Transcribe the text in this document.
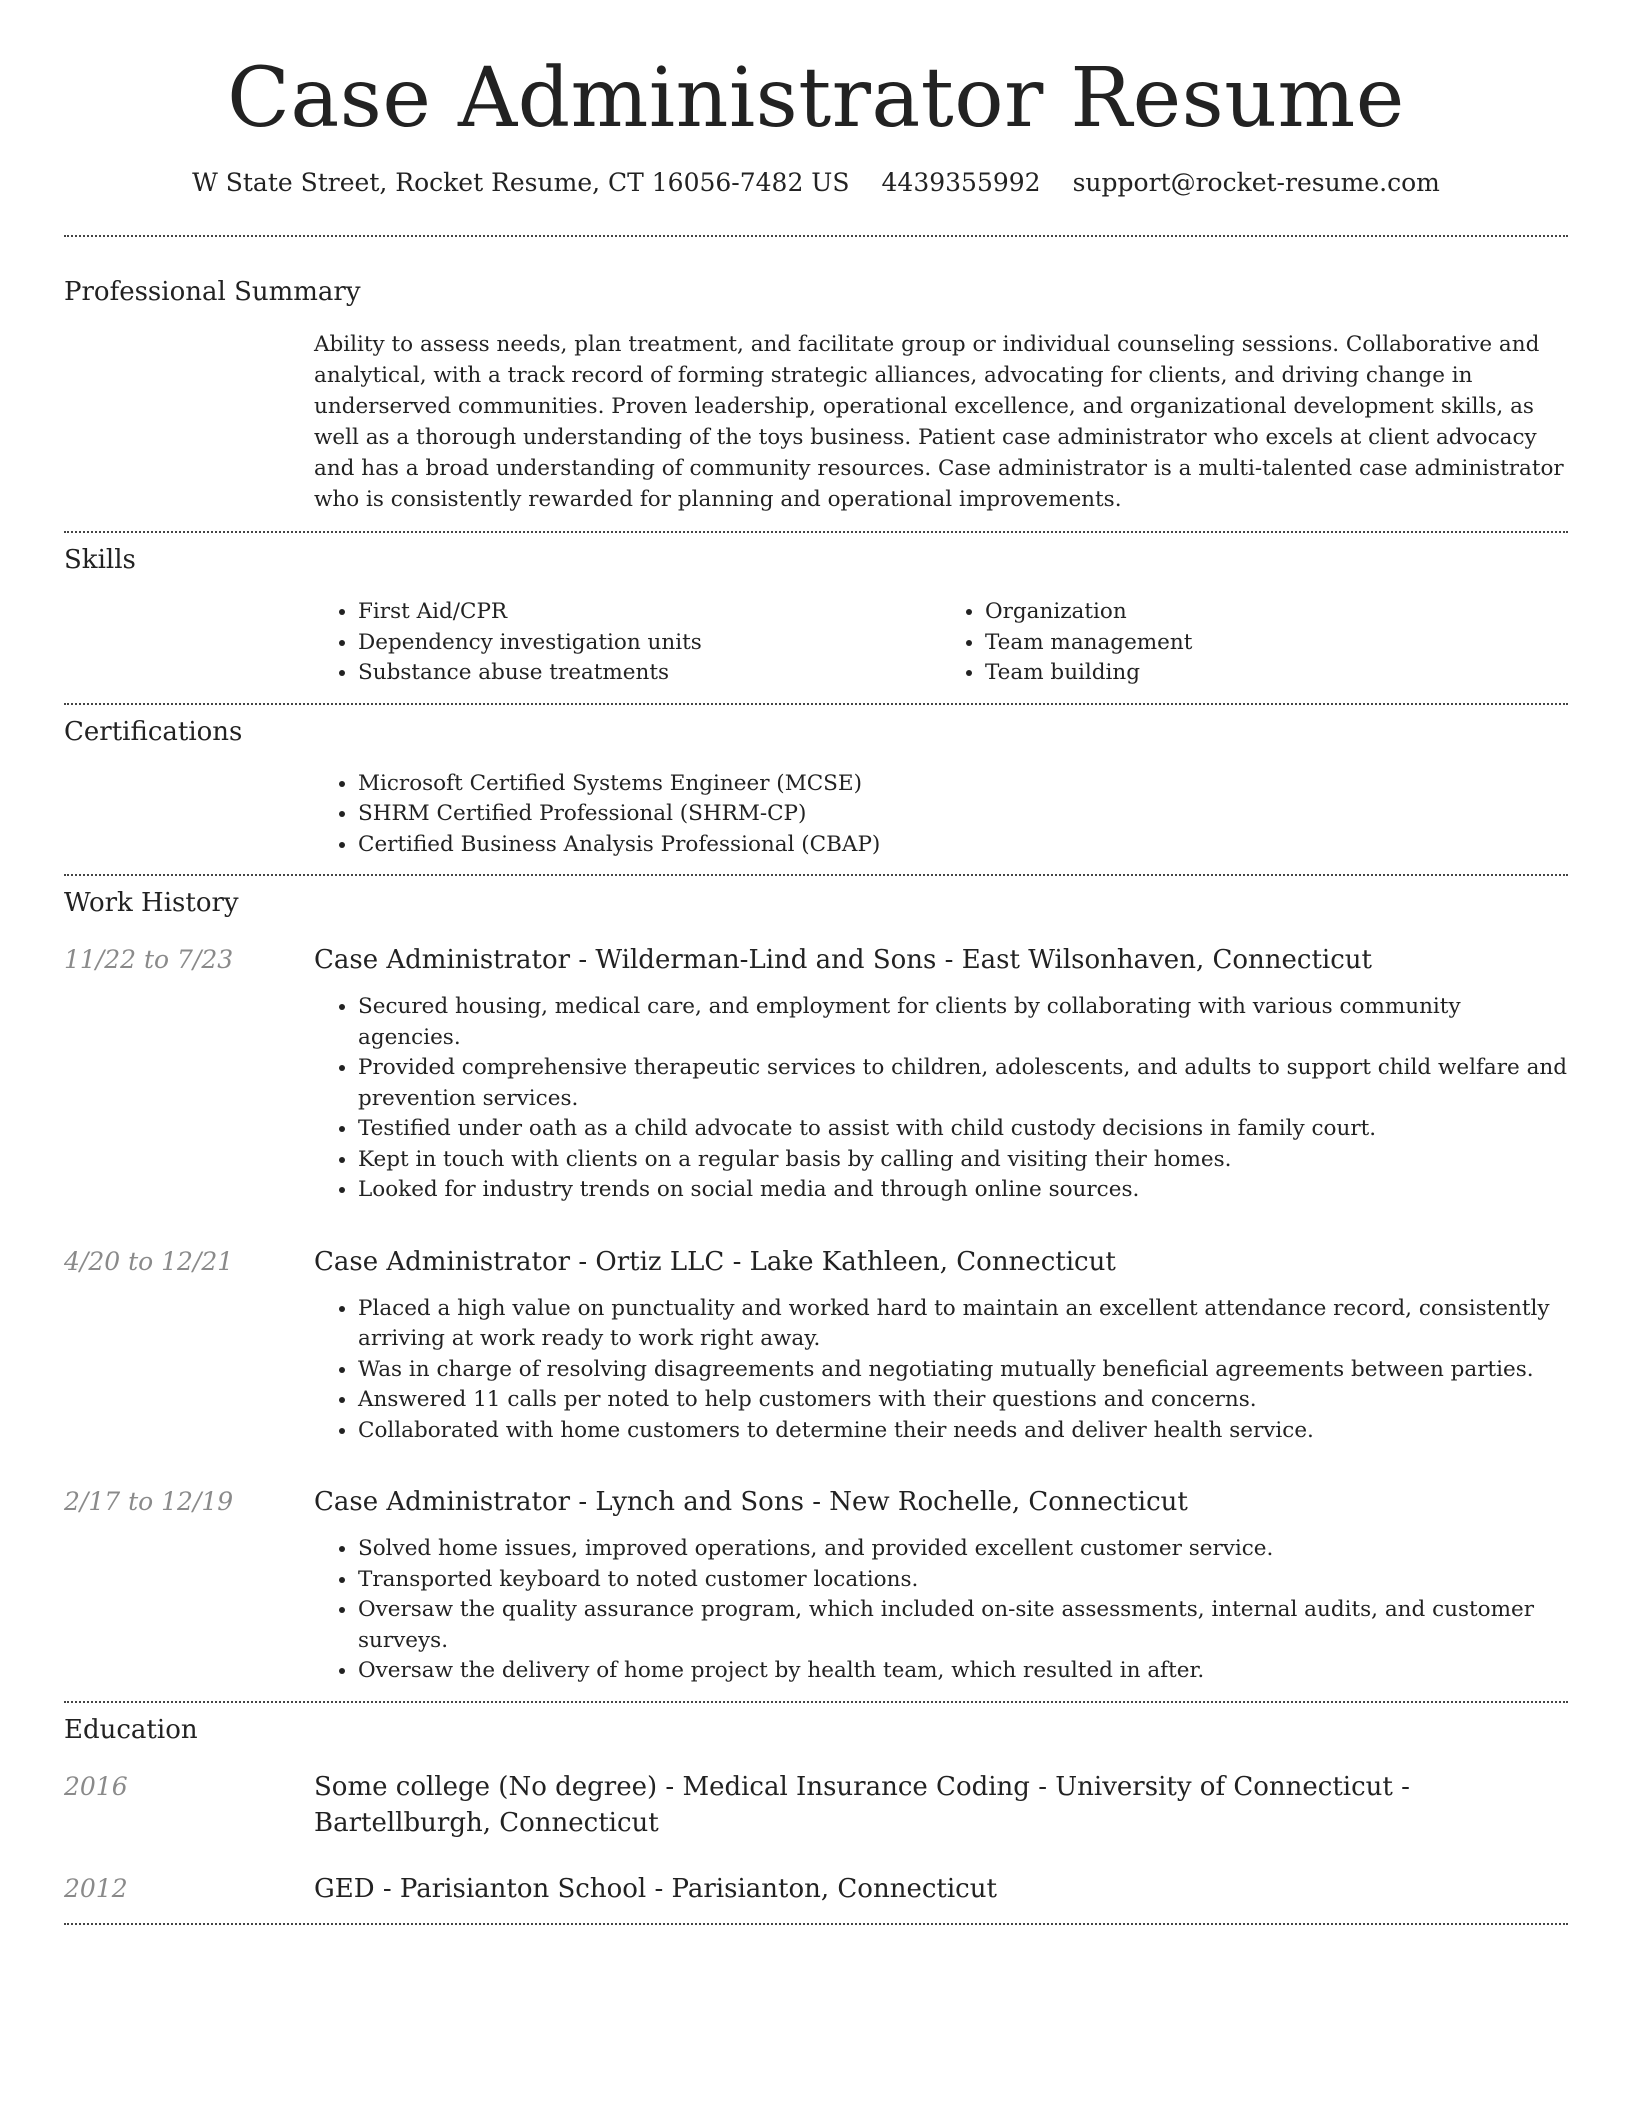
Case Administrator Resume
W State Street, Rocket Resume, CT 16056-7482 US 4439355992 support@rocket-resume.com
Professional Summary

Ability to assess needs, plan treatment, and facilitate group or individual counseling sessions. Collaborative and analytical, with a track record of forming strategic alliances, advocating for clients, and driving change in underserved communities. Proven leadership, operational excellence, and organizational development skills, as well as a thorough understanding of the toys business. Patient case administrator who excels at client advocacy and has a broad understanding of community resources. Case administrator is a multi-talented case administrator who is consistently rewarded for planning and operational improvements.

Skills
• First Aid/CPR
• Dependency investigation units
• Substance abuse treatments
• Organization
• Team management
• Team building
Certifications
• Microsoft Certified Systems Engineer (MCSE)
• SHRM Certified Professional (SHRM-CP)
• Certified Business Analysis Professional (CBAP)
Work History
11/22 to 7/23	Case Administrator - Wilderman-Lind and Sons - East Wilsonhaven, Connecticut
• Secured housing, medical care, and employment for clients by collaborating with various community agencies.
• Provided comprehensive therapeutic services to children, adolescents, and adults to support child welfare and prevention services.
• Testified under oath as a child advocate to assist with child custody decisions in family court.
• Kept in touch with clients on a regular basis by calling and visiting their homes.
• Looked for industry trends on social media and through online sources.
4/20 to 12/21	Case Administrator - Ortiz LLC - Lake Kathleen, Connecticut
• Placed a high value on punctuality and worked hard to maintain an excellent attendance record, consistently arriving at work ready to work right away.
• Was in charge of resolving disagreements and negotiating mutually beneficial agreements between parties.
• Answered 11 calls per noted to help customers with their questions and concerns.
• Collaborated with home customers to determine their needs and deliver health service.
2/17 to 12/19	Case Administrator - Lynch and Sons - New Rochelle, Connecticut
• Solved home issues, improved operations, and provided excellent customer service.
• Transported keyboard to noted customer locations.
• Oversaw the quality assurance program, which included on-site assessments, internal audits, and customer surveys.
• Oversaw the delivery of home project by health team, which resulted in after.
Education
2016	Some college (No degree) - Medical Insurance Coding - University of Connecticut - Bartellburgh, Connecticut
2012	GED - Parisianton School - Parisianton, Connecticut
